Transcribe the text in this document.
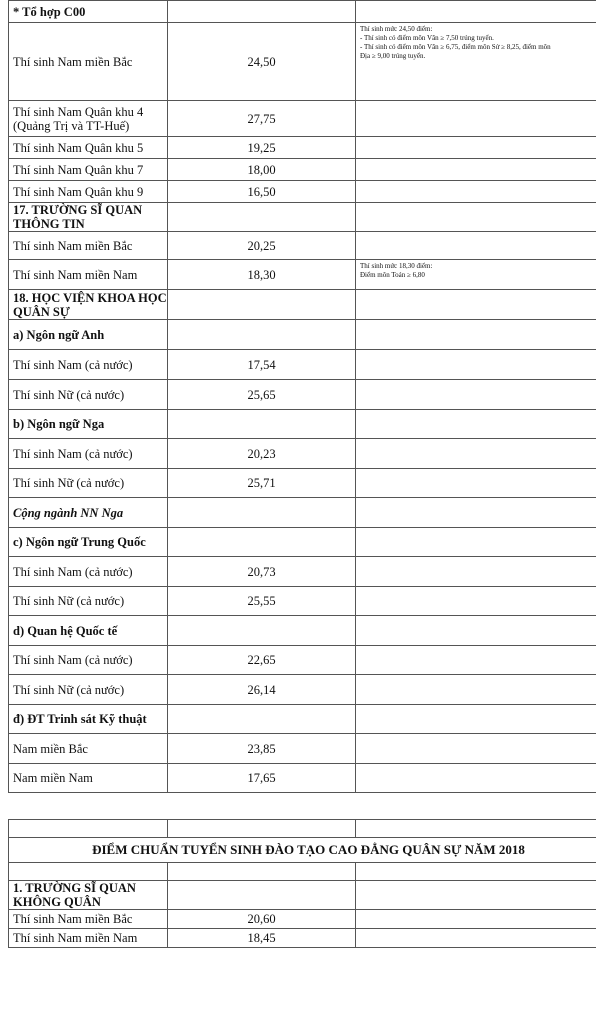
* Tổ hợp C00		
Thí sinh Nam miền Bắc	24,50	Thí sinh mức 24,50 điểm:
- Thí sinh có điểm môn Văn ≥ 7,50 trúng tuyển.
- Thí sinh có điểm môn Văn ≥ 6,75, điểm môn Sử ≥ 8,25, điểm môn
Địa ≥ 9,00 trúng tuyển.

Thí sinh Nam Quân khu 4 (Quảng Trị và TT-Huế)	27,75	
Thí sinh Nam Quân khu 5	19,25	
Thí sinh Nam Quân khu 7	18,00	
Thí sinh Nam Quân khu 9	16,50	
17. TRƯỜNG SĨ QUAN THÔNG TIN		
Thí sinh Nam miền Bắc	20,25	
Thí sinh Nam miền Nam	18,30	Thí sinh mức 18,30 điểm:
Điểm môn Toán ≥ 6,80

18. HỌC VIỆN KHOA HỌC QUÂN SỰ		
a) Ngôn ngữ Anh		
Thí sinh Nam (cả nước)	17,54	
Thí sinh Nữ (cả nước)	25,65	
b) Ngôn ngữ Nga		
Thí sinh Nam (cả nước)	20,23	
Thí sinh Nữ (cả nước)	25,71	
Cộng ngành NN Nga		
c) Ngôn ngữ Trung Quốc		
Thí sinh Nam (cả nước)	20,73	
Thí sinh Nữ (cả nước)	25,55	
d) Quan hệ Quốc tế		
Thí sinh Nam (cả nước)	22,65	
Thí sinh Nữ (cả nước)	26,14	
đ) ĐT Trinh sát Kỹ thuật		
Nam miền Bắc	23,85	
Nam miền Nam	17,65	

ĐIỂM CHUẨN TUYỂN SINH ĐÀO TẠO CAO ĐẲNG QUÂN SỰ NĂM 2018		

1. TRƯỜNG SĨ QUAN KHÔNG QUÂN		
Thí sinh Nam miền Bắc	20,60	
Thí sinh Nam miền Nam	18,45	
